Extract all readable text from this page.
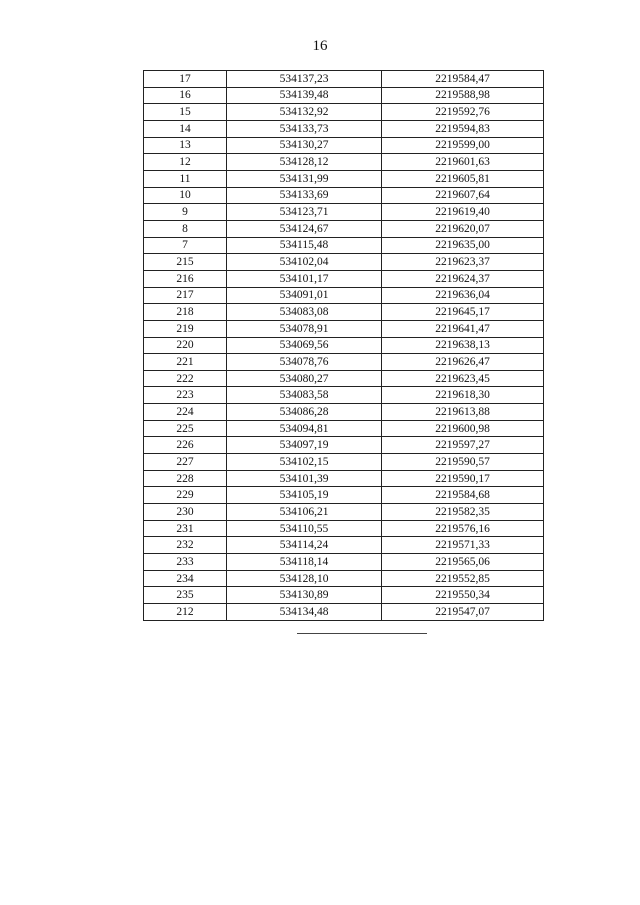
16
17	534137,23	2219584,47
16	534139,48	2219588,98
15	534132,92	2219592,76
14	534133,73	2219594,83
13	534130,27	2219599,00
12	534128,12	2219601,63
11	534131,99	2219605,81
10	534133,69	2219607,64
9	534123,71	2219619,40
8	534124,67	2219620,07
7	534115,48	2219635,00
215	534102,04	2219623,37
216	534101,17	2219624,37
217	534091,01	2219636,04
218	534083,08	2219645,17
219	534078,91	2219641,47
220	534069,56	2219638,13
221	534078,76	2219626,47
222	534080,27	2219623,45
223	534083,58	2219618,30
224	534086,28	2219613,88
225	534094,81	2219600,98
226	534097,19	2219597,27
227	534102,15	2219590,57
228	534101,39	2219590,17
229	534105,19	2219584,68
230	534106,21	2219582,35
231	534110,55	2219576,16
232	534114,24	2219571,33
233	534118,14	2219565,06
234	534128,10	2219552,85
235	534130,89	2219550,34
212	534134,48	2219547,07
